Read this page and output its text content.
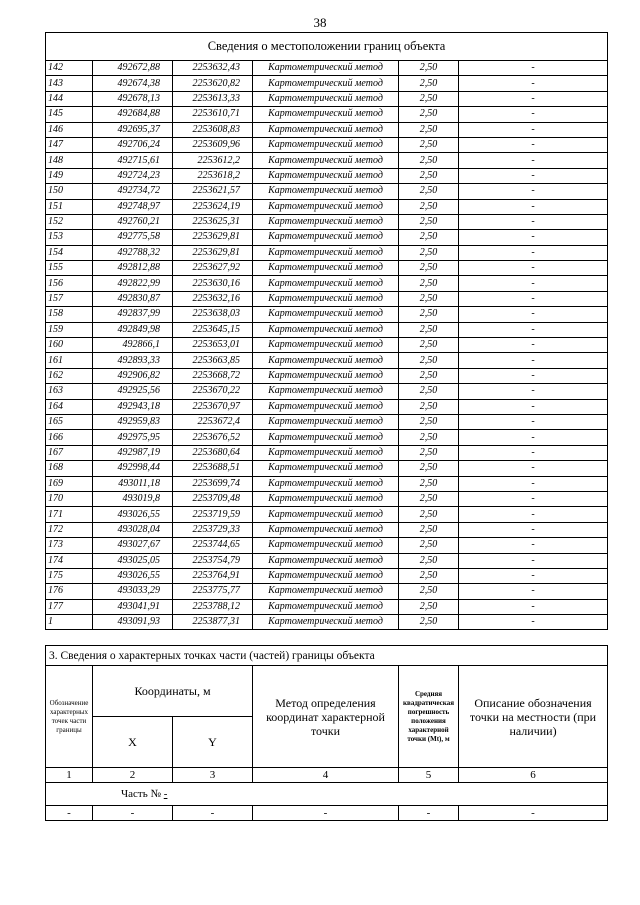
38
Сведения о местоположении границ объекта					
142	492672,88	2253632,43	Картометрический метод	2,50	-
143	492674,38	2253620,82	Картометрический метод	2,50	-
144	492678,13	2253613,33	Картометрический метод	2,50	-
145	492684,88	2253610,71	Картометрический метод	2,50	-
146	492695,37	2253608,83	Картометрический метод	2,50	-
147	492706,24	2253609,96	Картометрический метод	2,50	-
148	492715,61	2253612,2	Картометрический метод	2,50	-
149	492724,23	2253618,2	Картометрический метод	2,50	-
150	492734,72	2253621,57	Картометрический метод	2,50	-
151	492748,97	2253624,19	Картометрический метод	2,50	-
152	492760,21	2253625,31	Картометрический метод	2,50	-
153	492775,58	2253629,81	Картометрический метод	2,50	-
154	492788,32	2253629,81	Картометрический метод	2,50	-
155	492812,88	2253627,92	Картометрический метод	2,50	-
156	492822,99	2253630,16	Картометрический метод	2,50	-
157	492830,87	2253632,16	Картометрический метод	2,50	-
158	492837,99	2253638,03	Картометрический метод	2,50	-
159	492849,98	2253645,15	Картометрический метод	2,50	-
160	492866,1	2253653,01	Картометрический метод	2,50	-
161	492893,33	2253663,85	Картометрический метод	2,50	-
162	492906,82	2253668,72	Картометрический метод	2,50	-
163	492925,56	2253670,22	Картометрический метод	2,50	-
164	492943,18	2253670,97	Картометрический метод	2,50	-
165	492959,83	2253672,4	Картометрический метод	2,50	-
166	492975,95	2253676,52	Картометрический метод	2,50	-
167	492987,19	2253680,64	Картометрический метод	2,50	-
168	492998,44	2253688,51	Картометрический метод	2,50	-
169	493011,18	2253699,74	Картометрический метод	2,50	-
170	493019,8	2253709,48	Картометрический метод	2,50	-
171	493026,55	2253719,59	Картометрический метод	2,50	-
172	493028,04	2253729,33	Картометрический метод	2,50	-
173	493027,67	2253744,65	Картометрический метод	2,50	-
174	493025,05	2253754,79	Картометрический метод	2,50	-
175	493026,55	2253764,91	Картометрический метод	2,50	-
176	493033,29	2253775,77	Картометрический метод	2,50	-
177	493041,91	2253788,12	Картометрический метод	2,50	-
1	493091,93	2253877,31	Картометрический метод	2,50	-
3. Сведения о характерных точках части (частей) границы объекта					
Обозначение характерных точек части границы	Координаты, м		Метод определения координат характерной точки	Средняя квадратическая погрешность положения характерной точки (Mt), м	Описание обозначения точки на местности (при наличии)
	X	Y			
1	2	3	4	5	6
Часть № -					
-	-	-	-	-	-
